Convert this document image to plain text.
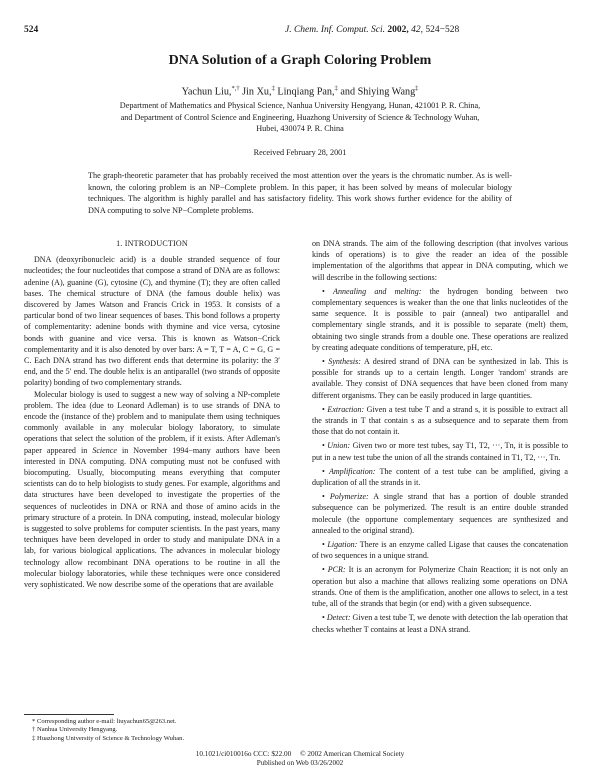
524	J. Chem. Inf. Comput. Sci. 2002, 42, 524−528
DNA Solution of a Graph Coloring Problem
Yachun Liu,*,† Jin Xu,‡ Linqiang Pan,‡ and Shiying Wang‡
Department of Mathematics and Physical Science, Nanhua University Hengyang, Hunan, 421001 P. R. China,
and Department of Control Science and Engineering, Huazhong University of Science & Technology Wuhan,
Hubei, 430074 P. R. China
Received February 28, 2001
The graph-theoretic parameter that has probably received the most attention over the years is the chromatic number. As is well-known, the coloring problem is an NP−Complete problem. In this paper, it has been solved by means of molecular biology techniques. The algorithm is highly parallel and has satisfactory fidelity. This work shows further evidence for the ability of DNA computing to solve NP−Complete problems.

1. INTRODUCTION

DNA (deoxyribonucleic acid) is a double stranded sequence of four nucleotides; the four nucleotides that compose a strand of DNA are as follows: adenine (A), guanine (G), cytosine (C), and thymine (T); they are often called bases. The chemical structure of DNA (the famous double helix) was discovered by James Watson and Francis Crick in 1953. It consists of a particular bond of two linear sequences of bases. This bond follows a property of complementarity: adenine bonds with thymine and vice versa, cytosine bonds with guanine and vice versa. This is known as Watson−Crick complementarity and it is also denoted by over bars: A = T, T = A, C = G, G = C. Each DNA strand has two different ends that determine its polarity: the 3′ end, and the 5′ end. The double helix is an antiparallel (two strands of opposite polarity) bonding of two complementary strands.

Molecular biology is used to suggest a new way of solving a NP-complete problem. The idea (due to Leonard Adleman) is to use strands of DNA to encode the (instance of the) problem and to manipulate them using techniques commonly available in any molecular biology laboratory, to simulate operations that select the solution of the problem, if it exists. After Adleman's paper appeared in Science in November 1994−many authors have been interested in DNA computing. DNA computing must not be confused with biocomputing. Usually, biocomputing means everything that computer scientists can do to help biologists to study genes. For example, algorithms and data structures have been developed to investigate the properties of the sequences of nucleotides in DNA or RNA and those of amino acids in the primary structure of a protein. In DNA computing, instead, molecular biology is suggested to solve problems for computer scientists. In the past years, many techniques have been developed in order to study and manipulate DNA in a lab, for various biological applications. The advances in molecular biology technology allow recombinant DNA operations to be routine in all the molecular biology laboratories, while these techniques were once considered very sophisticated. We now describe some of the operations that are available

on DNA strands. The aim of the following description (that involves various kinds of operations) is to give the reader an idea of the possible implementation of the algorithms that appear in DNA computing, which we will describe in the following sections:

• Annealing and melting: the hydrogen bonding between two complementary sequences is weaker than the one that links nucleotides of the same sequence. It is possible to pair (anneal) two antiparallel and complementary single strands, and it is possible to separate (melt) them, obtaining two single strands from a double one. These operations are realized by creating adequate conditions of temperature, pH, etc.

• Synthesis: A desired strand of DNA can be synthesized in lab. This is possible for strands up to a certain length. Longer 'random' strands are available. They consist of DNA sequences that have been cloned from many different organisms. They can be easily produced in large quantities.

• Extraction: Given a test tube T and a strand s, it is possible to extract all the strands in T that contain s as a subsequence and to separate them from those that do not contain it.

• Union: Given two or more test tubes, say T1, T2, ···, Tn, it is possible to put in a new test tube the union of all the strands contained in T1, T2, ···, Tn.

• Amplification: The content of a test tube can be amplified, giving a duplication of all the strands in it.

• Polymerize: A single strand that has a portion of double stranded subsequence can be polymerized. The result is an entire double stranded molecule (the opportune complementary sequences are synthesized and annealed to the original strand).

• Ligation: There is an enzyme called Ligase that causes the concatenation of two sequences in a unique strand.

• PCR: It is an acronym for Polymerize Chain Reaction; it is not only an operation but also a machine that allows realizing some operations on DNA strands. One of them is the amplification, another one allows to select, in a test tube, all of the strands that begin (or end) with a given subsequence.

• Detect: Given a test tube T, we denote with detection the lab operation that checks whether T contains at least a DNA strand.

* Corresponding author e-mail: liuyachun65@263.net.
† Nanhua University Hengyang.
‡ Huazhong University of Science & Technology Wuhan.
10.1021/ci010016o CCC: $22.00     © 2002 American Chemical Society
Published on Web 03/26/2002
